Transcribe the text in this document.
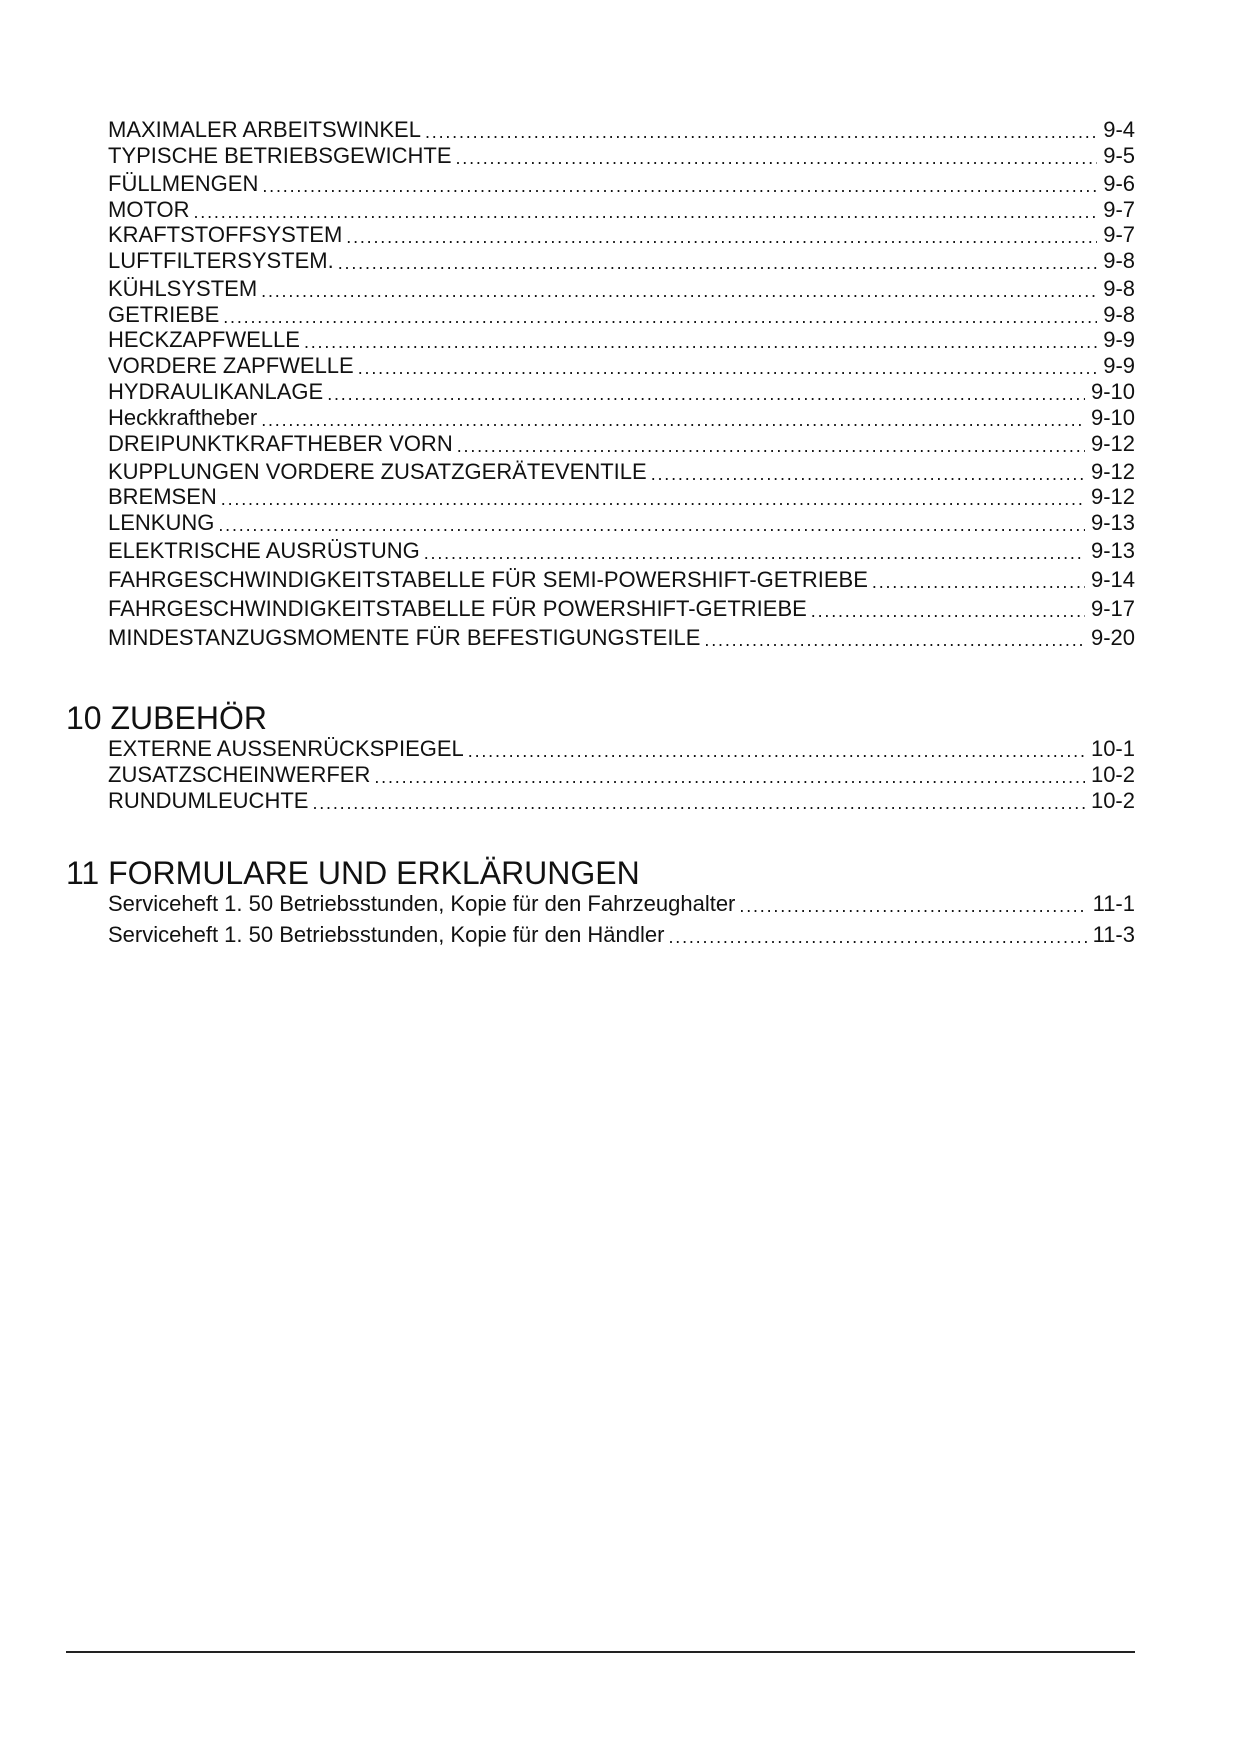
MAXIMALER ARBEITSWINKEL . . .	9-4
TYPISCHE BETRIEBSGEWICHTE . . .	9-5
FÜLLMENGEN . . .	9-6
MOTOR . . .	9-7
KRAFTSTOFFSYSTEM . . .	9-7
LUFTFILTERSYSTEM. . . .	9-8
KÜHLSYSTEM . . .	9-8
GETRIEBE . . .	9-8
HECKZAPFWELLE . . .	9-9
VORDERE ZAPFWELLE . . .	9-9
HYDRAULIKANLAGE . . .	9-10
Heckkraftheber . . .	9-10
DREIPUNKTKRAFTHEBER VORN . . .	9-12
KUPPLUNGEN VORDERE ZUSATZGERÄTEVENTILE . . .	9-12
BREMSEN . . .	9-12
LENKUNG . . .	9-13
ELEKTRISCHE AUSRÜSTUNG . . .	9-13
FAHRGESCHWINDIGKEITSTABELLE FÜR SEMI-POWERSHIFT-GETRIEBE . . .	9-14
FAHRGESCHWINDIGKEITSTABELLE FÜR POWERSHIFT-GETRIEBE . . .	9-17
MINDESTANZUGSMOMENTE FÜR BEFESTIGUNGSTEILE . . .	9-20
10 ZUBEHÖR
EXTERNE AUSSENRÜCKSPIEGEL . . .	10-1
ZUSATZSCHEINWERFER . . .	10-2
RUNDUMLEUCHTE . . .	10-2
11 FORMULARE UND ERKLÄRUNGEN
Serviceheft 1. 50 Betriebsstunden, Kopie für den Fahrzeughalter . . .	11-1
Serviceheft 1. 50 Betriebsstunden, Kopie für den Händler . . .	11-3
